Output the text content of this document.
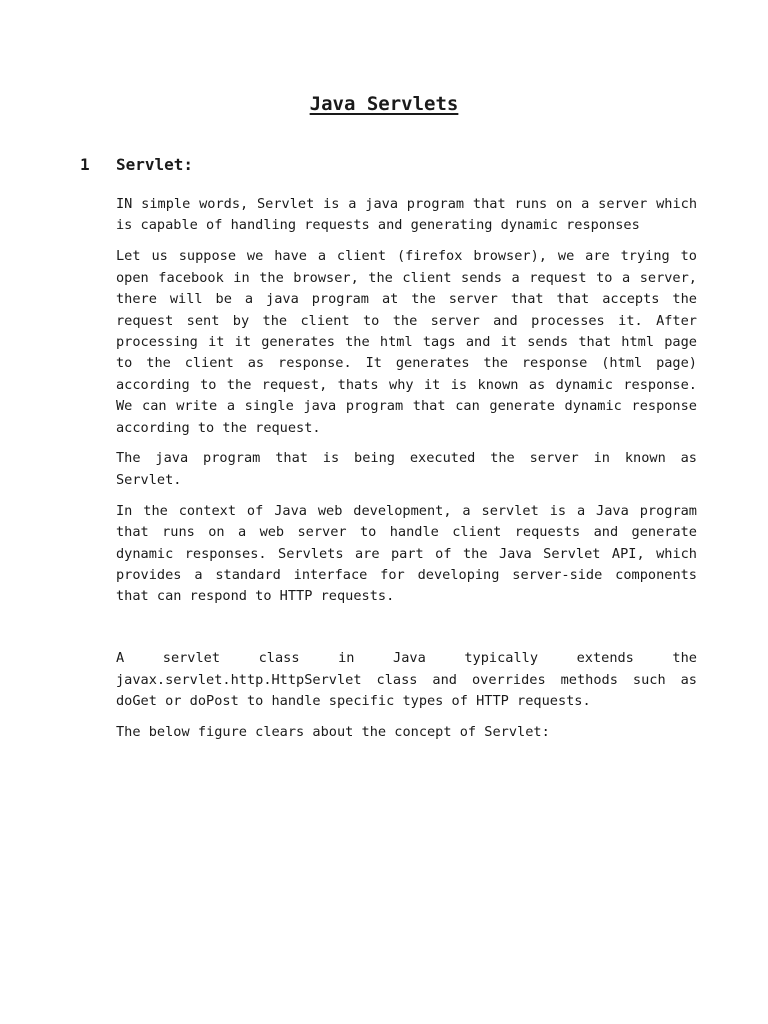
Java Servlets
1	Servlet:

IN simple words, Servlet is a java program that runs on a server which is capable of handling requests and generating dynamic responses

Let us suppose we have a client (firefox browser), we are trying to open facebook in the browser, the client sends a request to a server, there will be a java program at the server that that accepts the request sent by the client to the server and processes it. After processing it it generates the html tags and it sends that html page to the client as response. It generates the response (html page) according to the request, thats why it is known as dynamic response. We can write a single java program that can generate dynamic response according to the request.

The java program that is being executed the server in known as Servlet.

In the context of Java web development, a servlet is a Java program that runs on a web server to handle client requests and generate dynamic responses. Servlets are part of the Java Servlet API, which provides a standard interface for developing server-side components that can respond to HTTP requests.

A servlet class in Java typically extends the javax.servlet.http.HttpServlet class and overrides methods such as doGet or doPost to handle specific types of HTTP requests.

The below figure clears about the concept of Servlet:
